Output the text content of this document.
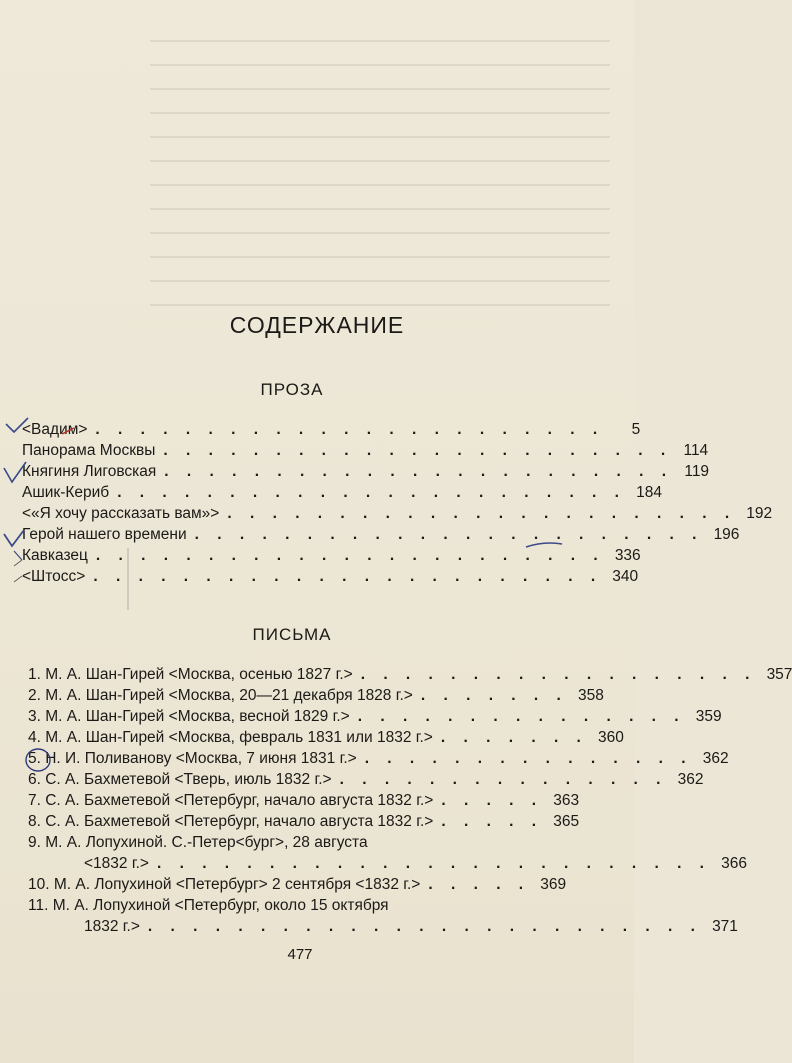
СОДЕРЖАНИЕ
ПРОЗА
<Вадим> . . . . . . . . . . . . . . . . . . . . . . .	5
Панорама Москвы . . . . . . . . . . . . . . . . . . . . . . . 114
Княгиня Лиговская . . . . . . . . . . . . . . . . . . . . . . . 119
Ашик-Кериб . . . . . . . . . . . . . . . . . . . . . . . 184
<«Я хочу рассказать вам»> . . . . . . . . . . . . . . . . . . . . . . . 192
Герой нашего времени . . . . . . . . . . . . . . . . . . . . . . . 196
Кавказец . . . . . . . . . . . . . . . . . . . . . . . 336
<Штосс> . . . . . . . . . . . . . . . . . . . . . . . 340
ПИСЬМА
1. М. А. Шан-Гирей <Москва, осенью 1827 г.> . . . . . . . . . . . . . . . . . . 357
2. М. А. Шан-Гирей <Москва, 20—21 декабря 1828 г.> . . . . . . . 358
3. М. А. Шан-Гирей <Москва, весной 1829 г.> . . . . . . . . . . . . . . . 359
4. М. А. Шан-Гирей <Москва, февраль 1831 или 1832 г.> . . . . . . . 360
5. Н. И. Поливанову <Москва, 7 июня 1831 г.> . . . . . . . . . . . . . . . 362
6. С. А. Бахметевой <Тверь, июль 1832 г.> . . . . . . . . . . . . . . . 362
7. С. А. Бахметевой <Петербург, начало августа 1832 г.> . . . . . 363
8. С. А. Бахметевой <Петербург, начало августа 1832 г.> . . . . . 365
9. М. А. Лопухиной. С.-Петер<бург>, 28 августа
<1832 г.> . . . . . . . . . . . . . . . . . . . . . . . . . 366
10. М. А. Лопухиной <Петербург> 2 сентября <1832 г.> . . . . . 369
11. М. А. Лопухиной <Петербург, около 15 октября
1832 г.> . . . . . . . . . . . . . . . . . . . . . . . . . 371
477
